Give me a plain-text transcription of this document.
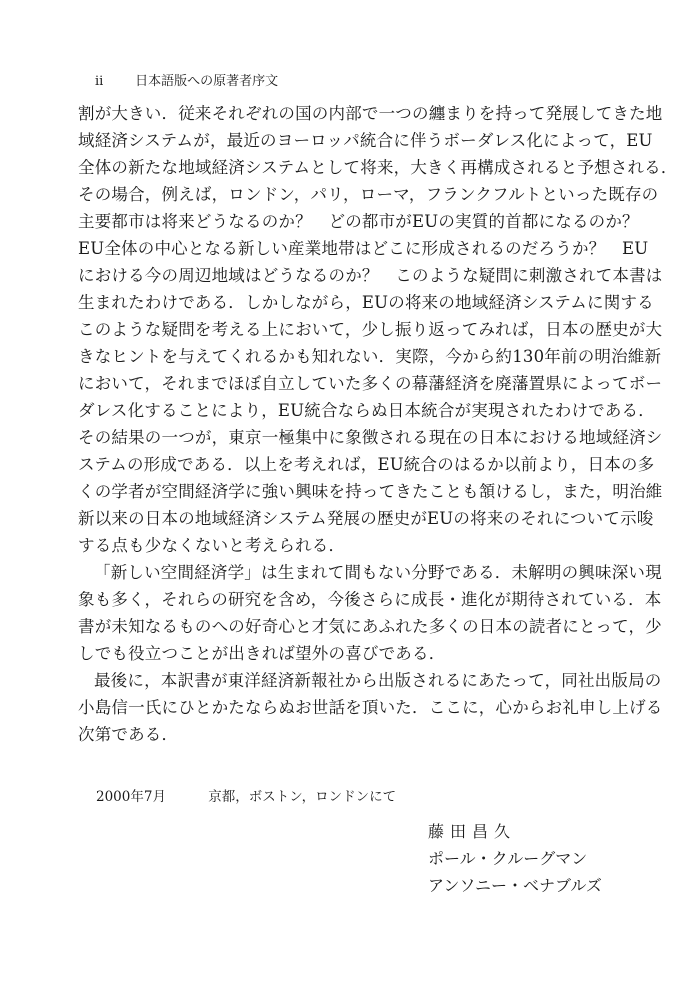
ii 日本語版への原著者序文
割が大きい．従来それぞれの国の内部で一つの纏まりを持って発展してきた地
域経済システムが，最近のヨーロッパ統合に伴うボーダレス化によって，EU
全体の新たな地域経済システムとして将来，大きく再構成されると予想される．
その場合，例えば，ロンドン，パリ，ローマ，フランクフルトといった既存の
主要都市は将来どうなるのか？　どの都市がEUの実質的首都になるのか？
EU全体の中心となる新しい産業地帯はどこに形成されるのだろうか？　EU
における今の周辺地域はどうなるのか？　このような疑問に刺激されて本書は
生まれたわけである．しかしながら，EUの将来の地域経済システムに関する
このような疑問を考える上において，少し振り返ってみれば，日本の歴史が大
きなヒントを与えてくれるかも知れない．実際，今から約130年前の明治維新
において，それまでほぼ自立していた多くの幕藩経済を廃藩置県によってボー
ダレス化することにより，EU統合ならぬ日本統合が実現されたわけである．
その結果の一つが，東京一極集中に象徴される現在の日本における地域経済シ
ステムの形成である．以上を考えれば，EU統合のはるか以前より，日本の多
くの学者が空間経済学に強い興味を持ってきたことも頷けるし，また，明治維
新以来の日本の地域経済システム発展の歴史がEUの将来のそれについて示唆
する点も少なくないと考えられる．
「新しい空間経済学」は生まれて間もない分野である．未解明の興味深い現
象も多く，それらの研究を含め，今後さらに成長・進化が期待されている．本
書が未知なるものへの好奇心と才気にあふれた多くの日本の読者にとって，少
しでも役立つことが出きれば望外の喜びである．
最後に，本訳書が東洋経済新報社から出版されるにあたって，同社出版局の
小島信一氏にひとかたならぬお世話を頂いた．ここに，心からお礼申し上げる
次第である．
2000年7月	京都，ボストン，ロンドンにて
藤田昌久
ポール・クルーグマン
アンソニー・ベナブルズ
